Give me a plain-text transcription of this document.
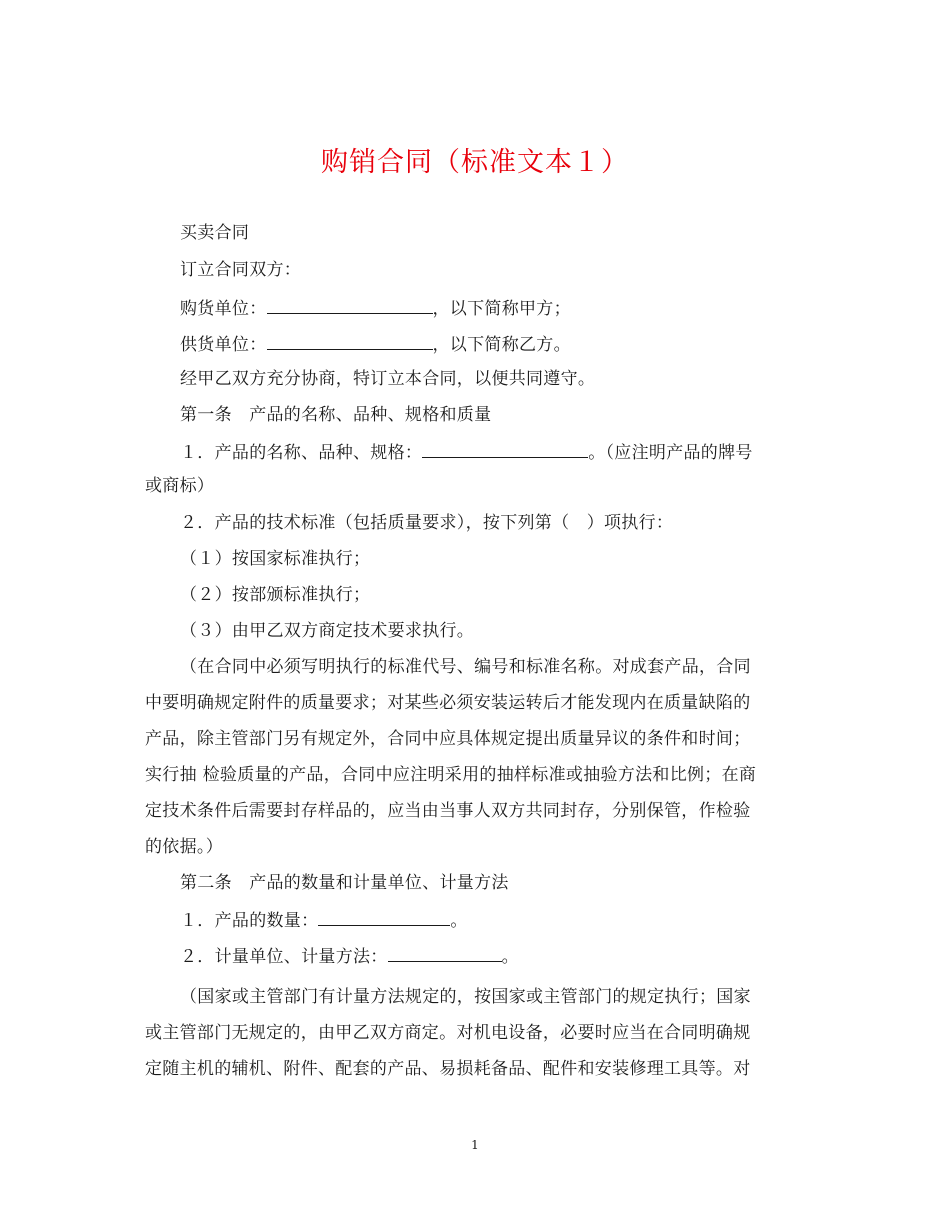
购销合同（标准文本１）
买卖合同
订立合同双方：
购货单位：	，以下简称甲方；
供货单位：	，以下简称乙方。
经甲乙双方充分协商，特订立本合同，以便共同遵守。
第一条　产品的名称、品种、规格和质量
１．产品的名称、品种、规格：	。（应注明产品的牌号
或商标）
２．产品的技术标准（包括质量要求），按下列第（　）项执行：
（１）按国家标准执行；
（２）按部颁标准执行；
（３）由甲乙双方商定技术要求执行。
（在合同中必须写明执行的标准代号、编号和标准名称。对成套产品，合同
中要明确规定附件的质量要求；对某些必须安装运转后才能发现内在质量缺陷的
产品，除主管部门另有规定外，合同中应具体规定提出质量异议的条件和时间；
实行抽 检验质量的产品，合同中应注明采用的抽样标准或抽验方法和比例；在商
定技术条件后需要封存样品的，应当由当事人双方共同封存，分别保管，作检验
的依据。）
第二条　产品的数量和计量单位、计量方法
１．产品的数量：	。
２．计量单位、计量方法：	。
（国家或主管部门有计量方法规定的，按国家或主管部门的规定执行；国家
或主管部门无规定的，由甲乙双方商定。对机电设备，必要时应当在合同明确规
定随主机的辅机、附件、配套的产品、易损耗备品、配件和安装修理工具等。对
1
